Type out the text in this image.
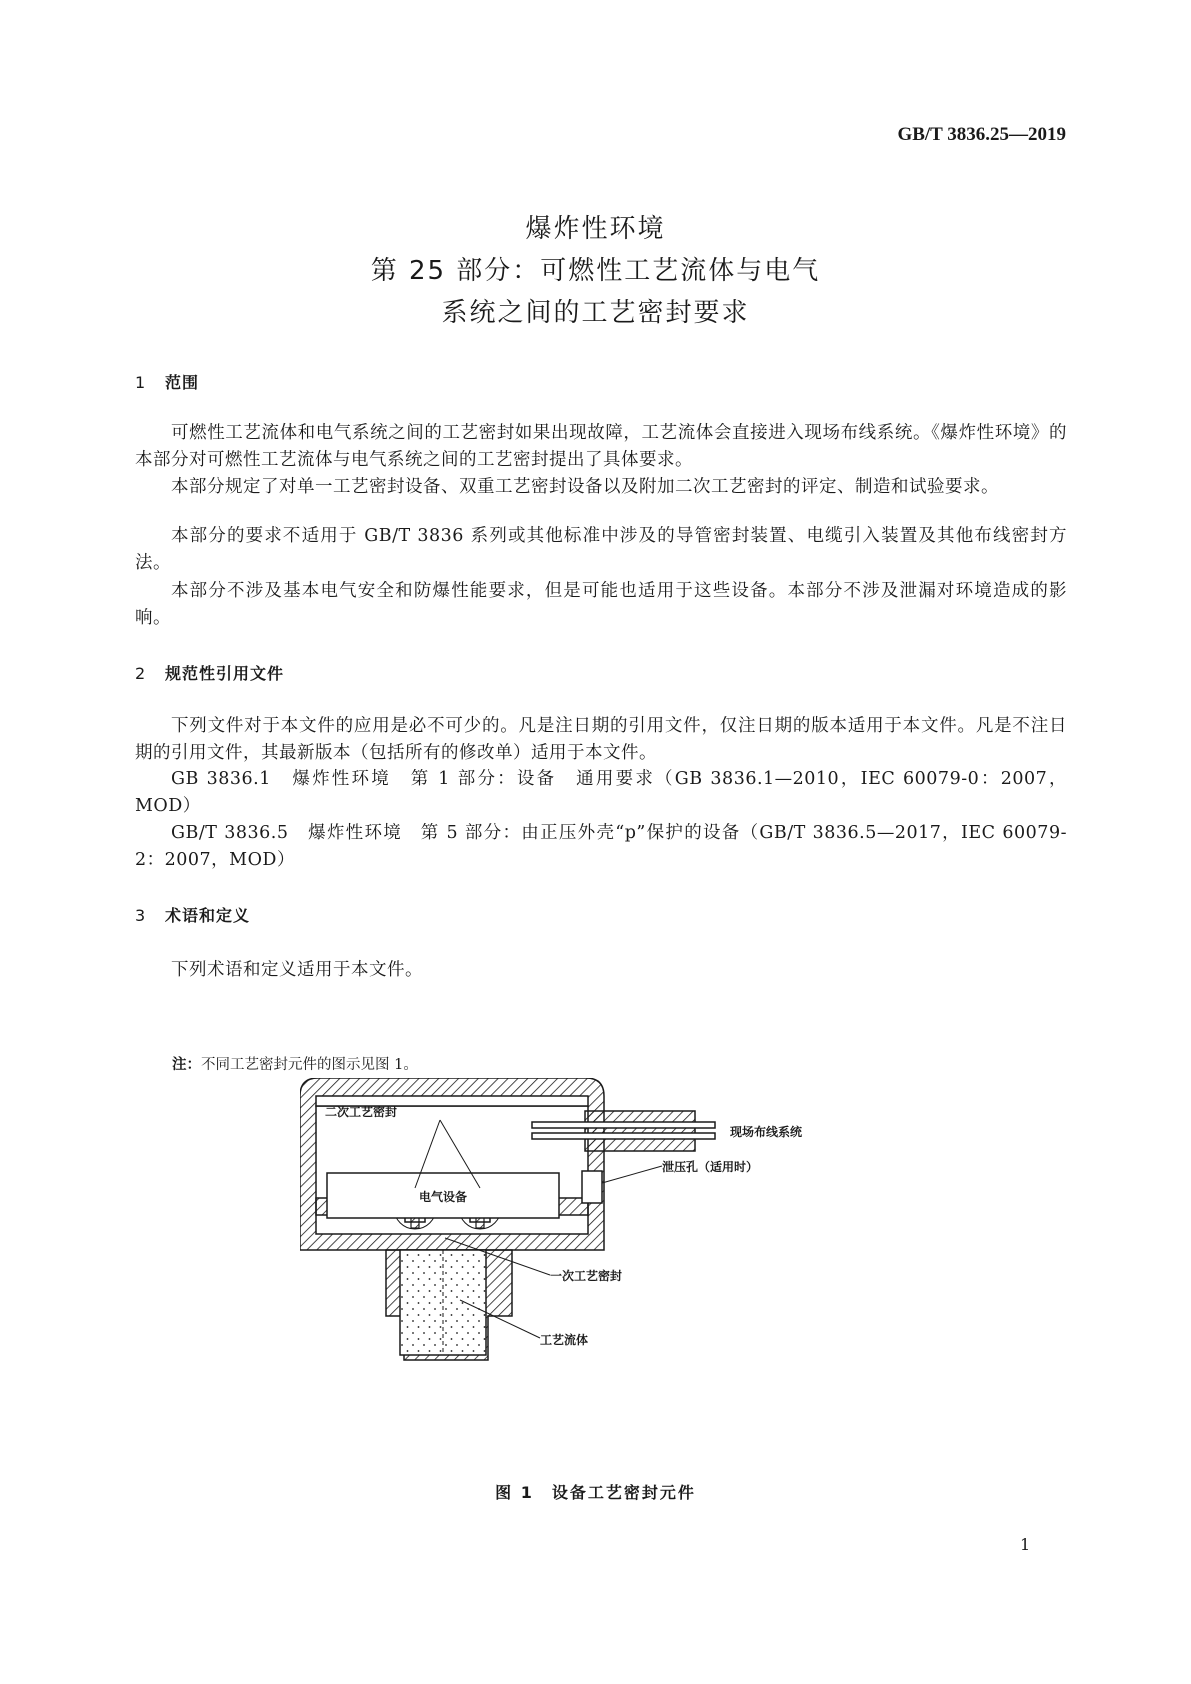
GB/T 3836.25—2019
爆炸性环境
第 25 部分：可燃性工艺流体与电气
系统之间的工艺密封要求
1 范围
可燃性工艺流体和电气系统之间的工艺密封如果出现故障，工艺流体会直接进入现场布线系统。《爆炸性环境》的本部分对可燃性工艺流体与电气系统之间的工艺密封提出了具体要求。
本部分规定了对单一工艺密封设备、双重工艺密封设备以及附加二次工艺密封的评定、制造和试验要求。
本部分的要求不适用于 GB/T 3836 系列或其他标准中涉及的导管密封装置、电缆引入装置及其他布线密封方法。
本部分不涉及基本电气安全和防爆性能要求，但是可能也适用于这些设备。本部分不涉及泄漏对环境造成的影响。
2 规范性引用文件
下列文件对于本文件的应用是必不可少的。凡是注日期的引用文件，仅注日期的版本适用于本文件。凡是不注日期的引用文件，其最新版本（包括所有的修改单）适用于本文件。
GB 3836.1　爆炸性环境　第 1 部分：设备　通用要求（GB 3836.1—2010，IEC 60079-0：2007，MOD）
GB/T 3836.5　爆炸性环境　第 5 部分：由正压外壳“p”保护的设备（GB/T 3836.5—2017，IEC 60079-2：2007，MOD）
3 术语和定义
下列术语和定义适用于本文件。
注：不同工艺密封元件的图示见图 1。
电气设备
现场布线系统
二次工艺密封
泄压孔（适用时）
一次工艺密封
工艺流体
图 1　设备工艺密封元件
1
